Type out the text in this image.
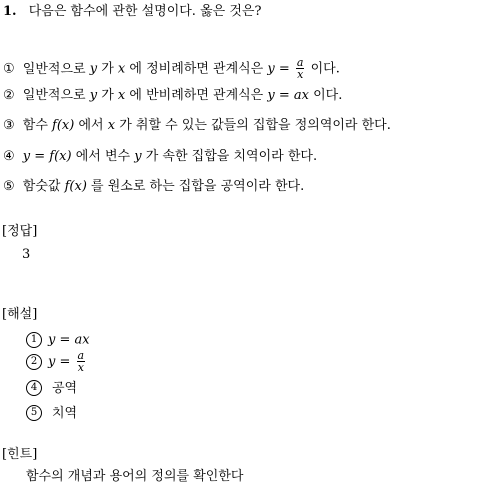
1. 다음은 함수에 관한 설명이다. 옳은 것은?
① 일반적으로 y 가 x 에 정비례하면 관계식은 $y = \frac{a}{x}$ 이다.
② 일반적으로 y 가 x 에 반비례하면 관계식은 y = ax 이다.
③ 함수 f(x) 에서 x 가 취할 수 있는 값들의 집합을 정의역이라 한다.
④ y = f(x) 에서 변수 y 가 속한 집합을 치역이라 한다.
⑤ 함숫값 f(x) 를 원소로 하는 집합을 공역이라 한다.
[정답]
3
[해설]
1 y = ax
2 $y = \frac{a}{x}$
4 공역
5 치역
[힌트]
함수의 개념과 용어의 정의를 확인한다
